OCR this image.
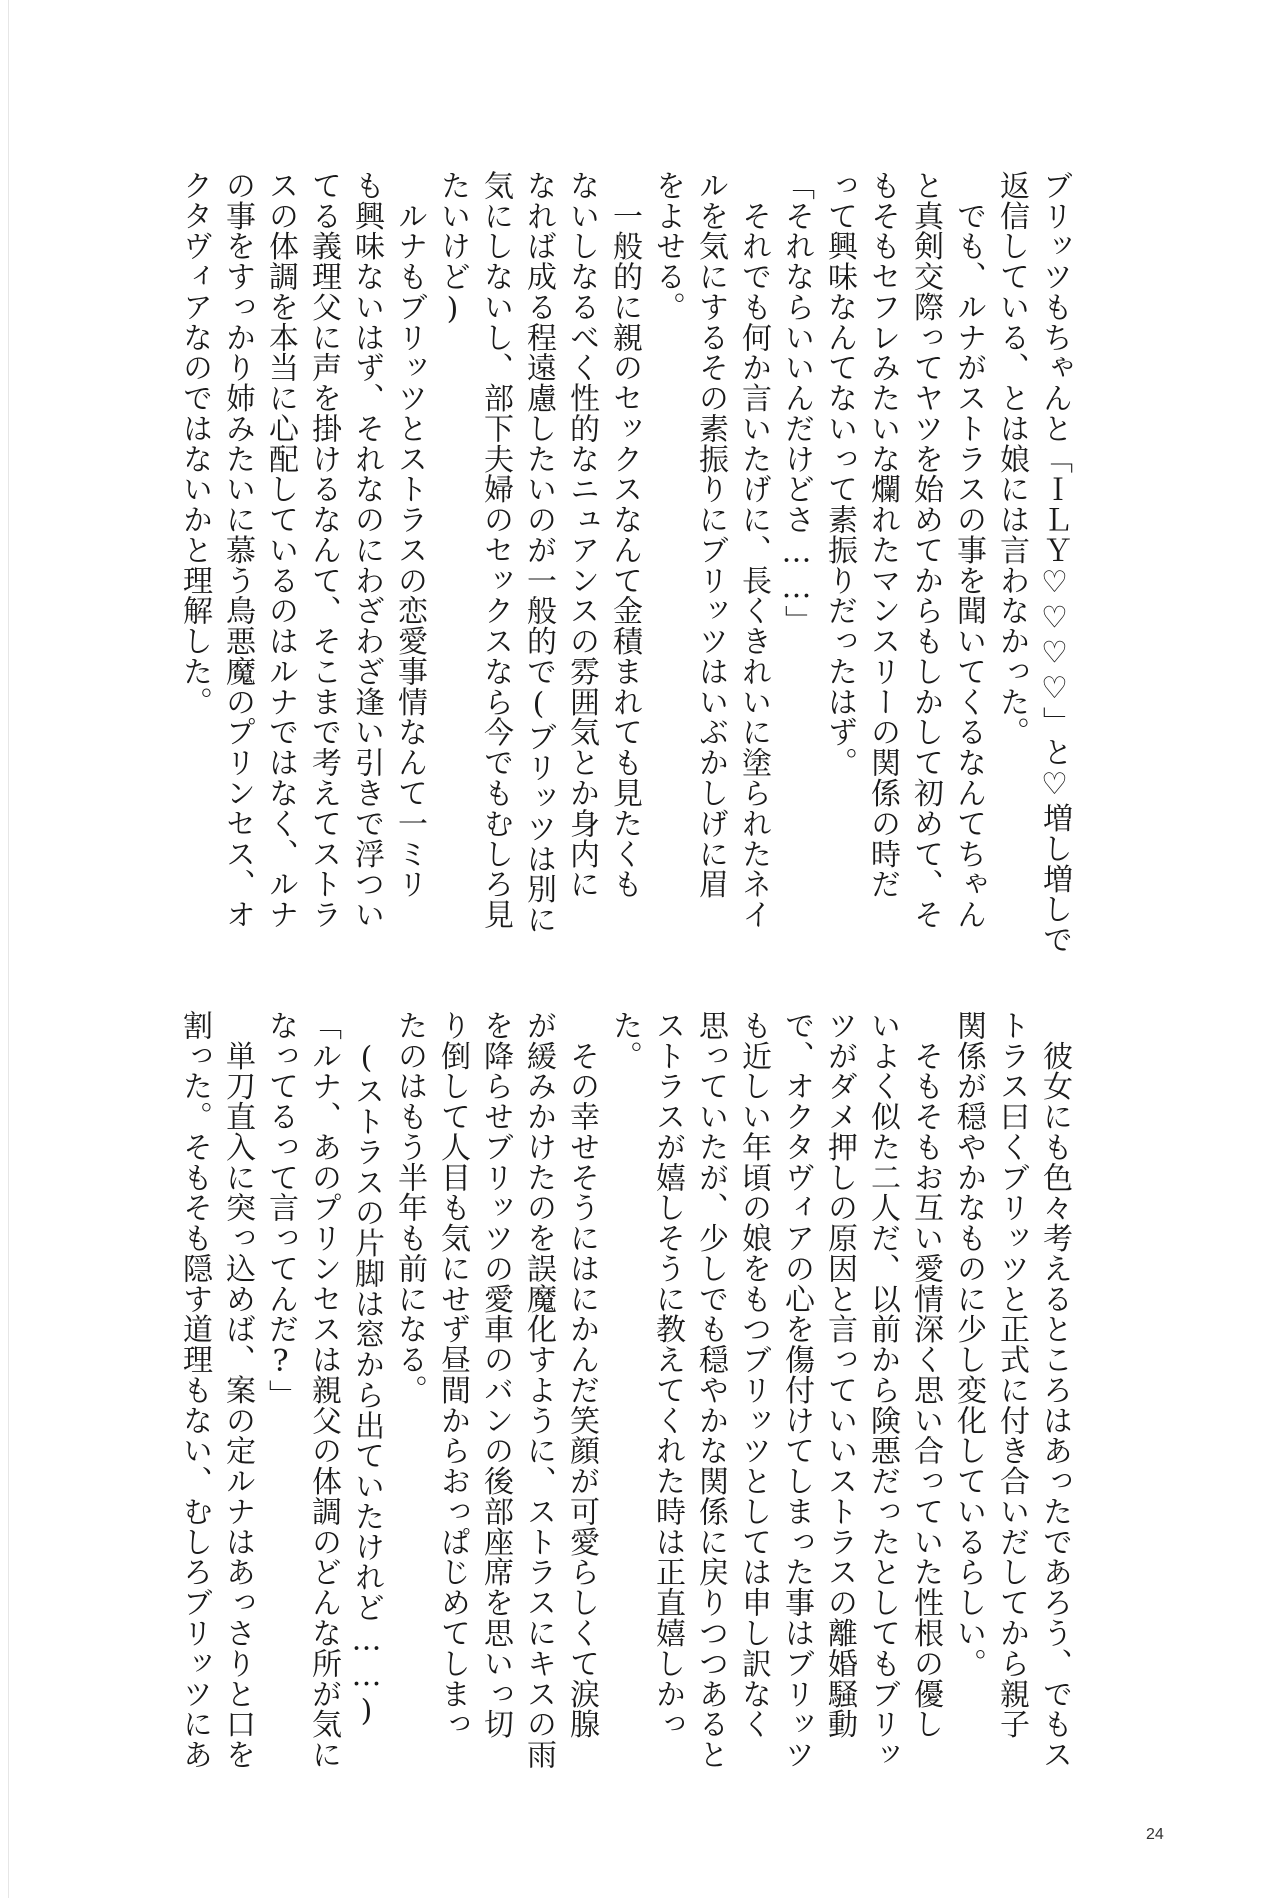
ブリッツもちゃんと「ＩＬＹ♡♡♡♡」と♡増し増しで
返信している、とは娘には言わなかった。
　でも、ルナがストラスの事を聞いてくるなんてちゃん
と真剣交際ってヤツを始めてからもしかして初めて、そ
もそもセフレみたいな爛れたマンスリーの関係の時だ
って興味なんてないって素振りだったはず。
「それならいいんだけどさ……」
　それでも何か言いたげに、長くきれいに塗られたネイ
ルを気にするその素振りにブリッツはいぶかしげに眉
をよせる。
　一般的に親のセックスなんて金積まれても見たくも
ないしなるべく性的なニュアンスの雰囲気とか身内に
なれば成る程遠慮したいのが一般的で(ブリッツは別に
気にしないし、部下夫婦のセックスなら今でもむしろ見
たいけど)
　ルナもブリッツとストラスの恋愛事情なんて一ミリ
も興味ないはず、それなのにわざわざ逢い引きで浮つい
てる義理父に声を掛けるなんて、そこまで考えてストラ
スの体調を本当に心配しているのはルナではなく、ルナ
の事をすっかり姉みたいに慕う鳥悪魔のプリンセス、オ
クタヴィアなのではないかと理解した。
　彼女にも色々考えるところはあったであろう、でもス
トラス曰くブリッツと正式に付き合いだしてから親子
関係が穏やかなものに少し変化しているらしい。
　そもそもお互い愛情深く思い合っていた性根の優し
いよく似た二人だ、以前から険悪だったとしてもブリッ
ツがダメ押しの原因と言っていいストラスの離婚騒動
で、オクタヴィアの心を傷付けてしまった事はブリッツ
も近しい年頃の娘をもつブリッツとしては申し訳なく
思っていたが、少しでも穏やかな関係に戻りつつあると
ストラスが嬉しそうに教えてくれた時は正直嬉しかっ
た。
　その幸せそうにはにかんだ笑顔が可愛らしくて涙腺
が緩みかけたのを誤魔化すように、ストラスにキスの雨
を降らせブリッツの愛車のバンの後部座席を思いっ切
り倒して人目も気にせず昼間からおっぱじめてしまっ
たのはもう半年も前になる。
　(ストラスの片脚は窓から出ていたけれど……)
「ルナ、あのプリンセスは親父の体調のどんな所が気に
なってるって言ってんだ?」
　単刀直入に突っ込めば、案の定ルナはあっさりと口を
割った。そもそも隠す道理もない、むしろブリッツにあ
24
